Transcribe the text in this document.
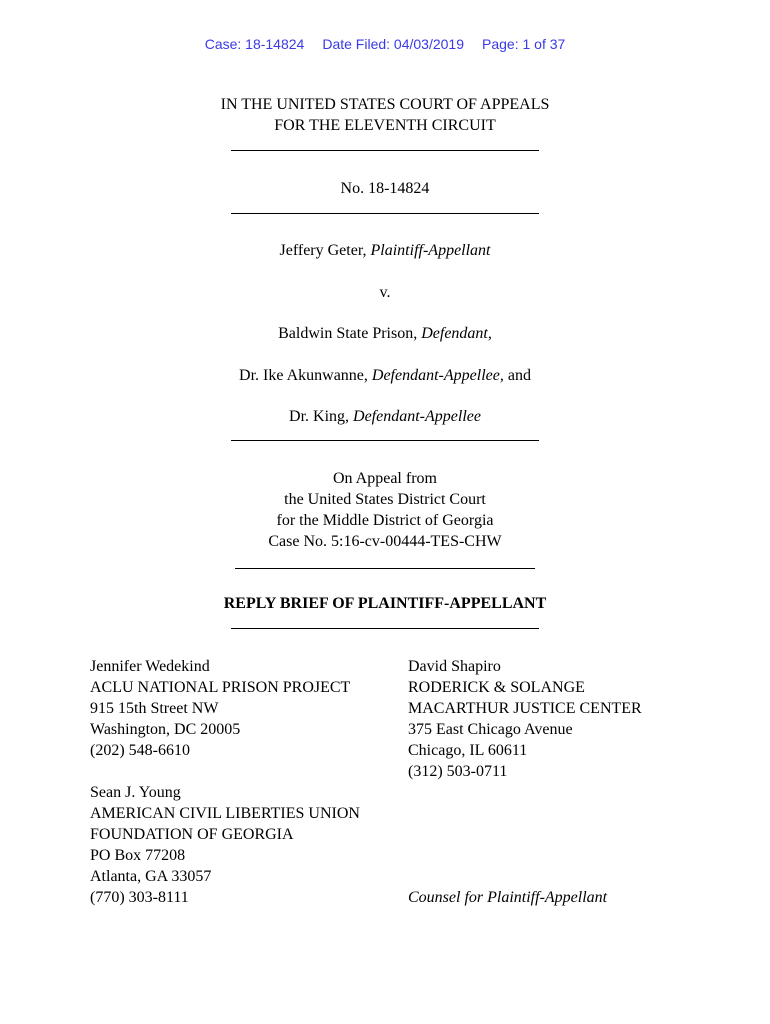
Case: 18-14824 Date Filed: 04/03/2019 Page: 1 of 37
IN THE UNITED STATES COURT OF APPEALS
FOR THE ELEVENTH CIRCUIT
No. 18-14824
Jeffery Geter, Plaintiff-Appellant
v.
Baldwin State Prison, Defendant,
Dr. Ike Akunwanne, Defendant-Appellee, and
Dr. King, Defendant-Appellee
On Appeal from
the United States District Court
for the Middle District of Georgia
Case No. 5:16-cv-00444-TES-CHW
REPLY BRIEF OF PLAINTIFF-APPELLANT
Jennifer Wedekind
ACLU NATIONAL PRISON PROJECT
915 15th Street NW
Washington, DC 20005
(202) 548-6610
Sean J. Young
AMERICAN CIVIL LIBERTIES UNION
FOUNDATION OF GEORGIA
PO Box 77208
Atlanta, GA 33057
(770) 303-8111
David Shapiro
RODERICK & SOLANGE
MACARTHUR JUSTICE CENTER
375 East Chicago Avenue
Chicago, IL 60611
(312) 503-0711
Counsel for Plaintiff-Appellant
